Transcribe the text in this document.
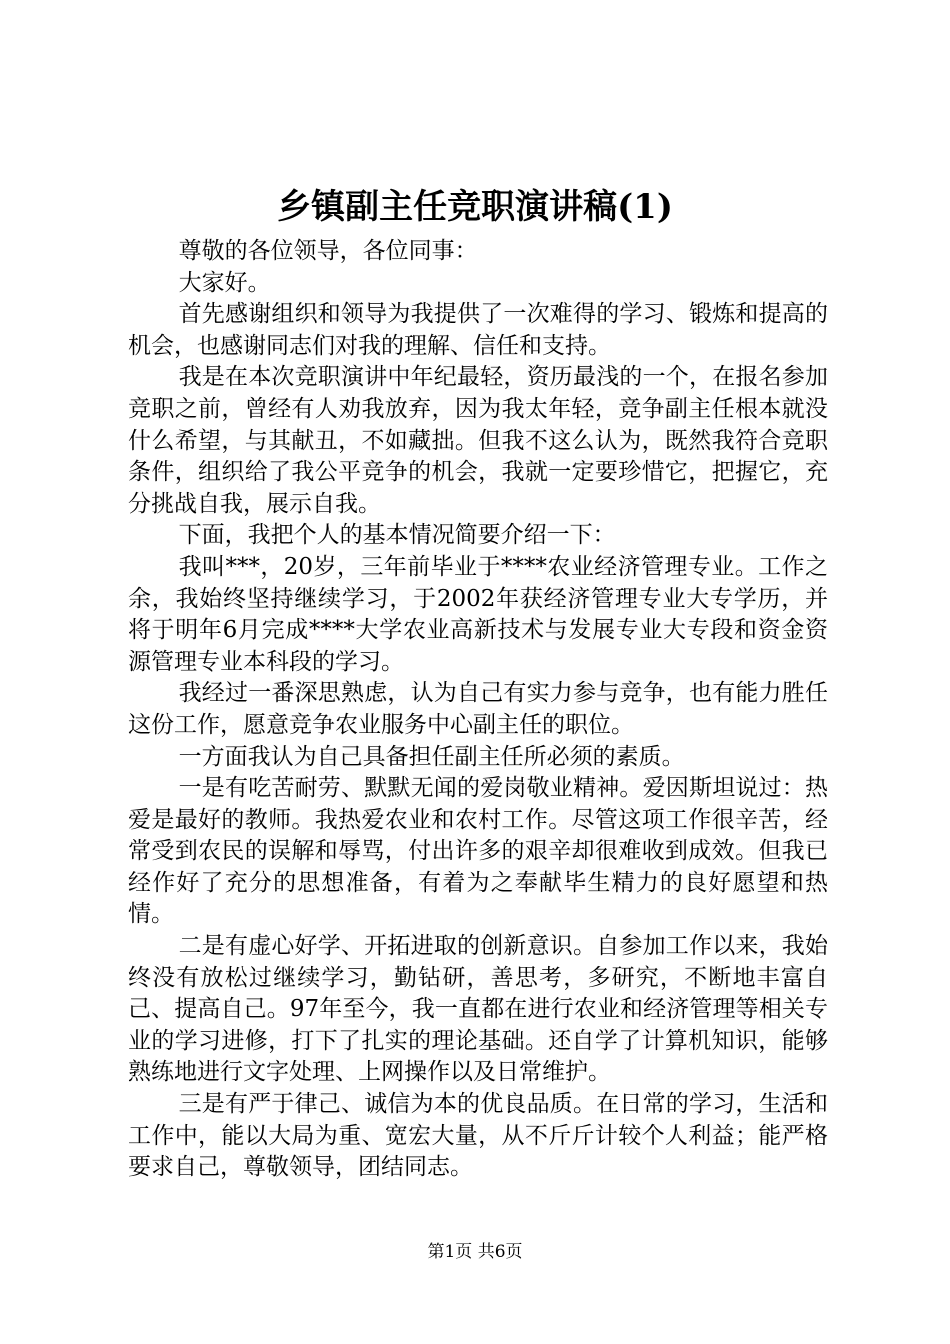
乡镇副主任竞职演讲稿(1)

尊敬的各位领导，各位同事：

大家好。

首先感谢组织和领导为我提供了一次难得的学习、锻炼和提高的机会，也感谢同志们对我的理解、信任和支持。

我是在本次竞职演讲中年纪最轻，资历最浅的一个，在报名参加竞职之前，曾经有人劝我放弃，因为我太年轻，竞争副主任根本就没什么希望，与其献丑，不如藏拙。但我不这么认为，既然我符合竞职条件，组织给了我公平竞争的机会，我就一定要珍惜它，把握它，充分挑战自我，展示自我。

下面，我把个人的基本情况简要介绍一下：

我叫***，20岁，三年前毕业于****农业经济管理专业。工作之余，我始终坚持继续学习，于2002年获经济管理专业大专学历，并将于明年6月完成****大学农业高新技术与发展专业大专段和资金资源管理专业本科段的学习。

我经过一番深思熟虑，认为自己有实力参与竞争，也有能力胜任这份工作，愿意竞争农业服务中心副主任的职位。

一方面我认为自己具备担任副主任所必须的素质。

一是有吃苦耐劳、默默无闻的爱岗敬业精神。爱因斯坦说过：热爱是最好的教师。我热爱农业和农村工作。尽管这项工作很辛苦，经常受到农民的误解和辱骂，付出许多的艰辛却很难收到成效。但我已经作好了充分的思想准备，有着为之奉献毕生精力的良好愿望和热情。

二是有虚心好学、开拓进取的创新意识。自参加工作以来，我始终没有放松过继续学习，勤钻研，善思考，多研究，不断地丰富自己、提高自己。97年至今，我一直都在进行农业和经济管理等相关专业的学习进修，打下了扎实的理论基础。还自学了计算机知识，能够熟练地进行文字处理、上网操作以及日常维护。

三是有严于律己、诚信为本的优良品质。在日常的学习，生活和工作中，能以大局为重、宽宏大量，从不斤斤计较个人利益；能严格要求自己，尊敬领导，团结同志。

第1页 共6页
